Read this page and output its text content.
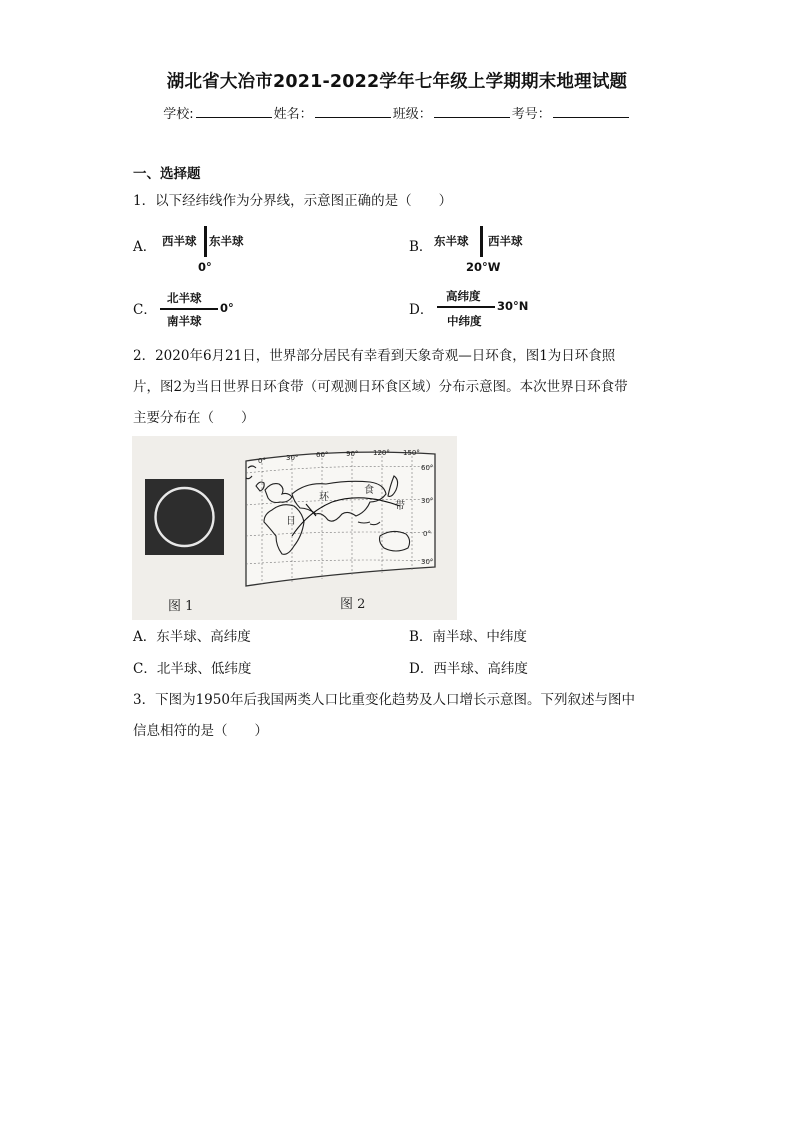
湖北省大冶市2021-2022学年七年级上学期期末地理试题
学校:	姓名：	班级：	考号：
一、选择题
1．以下经纬线作为分界线，示意图正确的是（　　）
A． 西半球 东半球
0°
B． 东半球 西半球
20°W
C．
北半球
南半球
0°	D．
高纬度
中纬度
30°N
2．2020年6月21日，世界部分居民有幸看到天象奇观—日环食，图1为日环食照
片，图2为当日世界日环食带（可观测日环食区域）分布示意图。本次世界日环食带
主要分布在（　　）
日
环
食
带
0°	30°	60°	90° 120° 150°
60°
30°
0°
30°
图 1	图 2
A．东半球、高纬度	B．南半球、中纬度
C．北半球、低纬度	D．西半球、高纬度
3．下图为1950年后我国两类人口比重变化趋势及人口增长示意图。下列叙述与图中
信息相符的是（　　）
